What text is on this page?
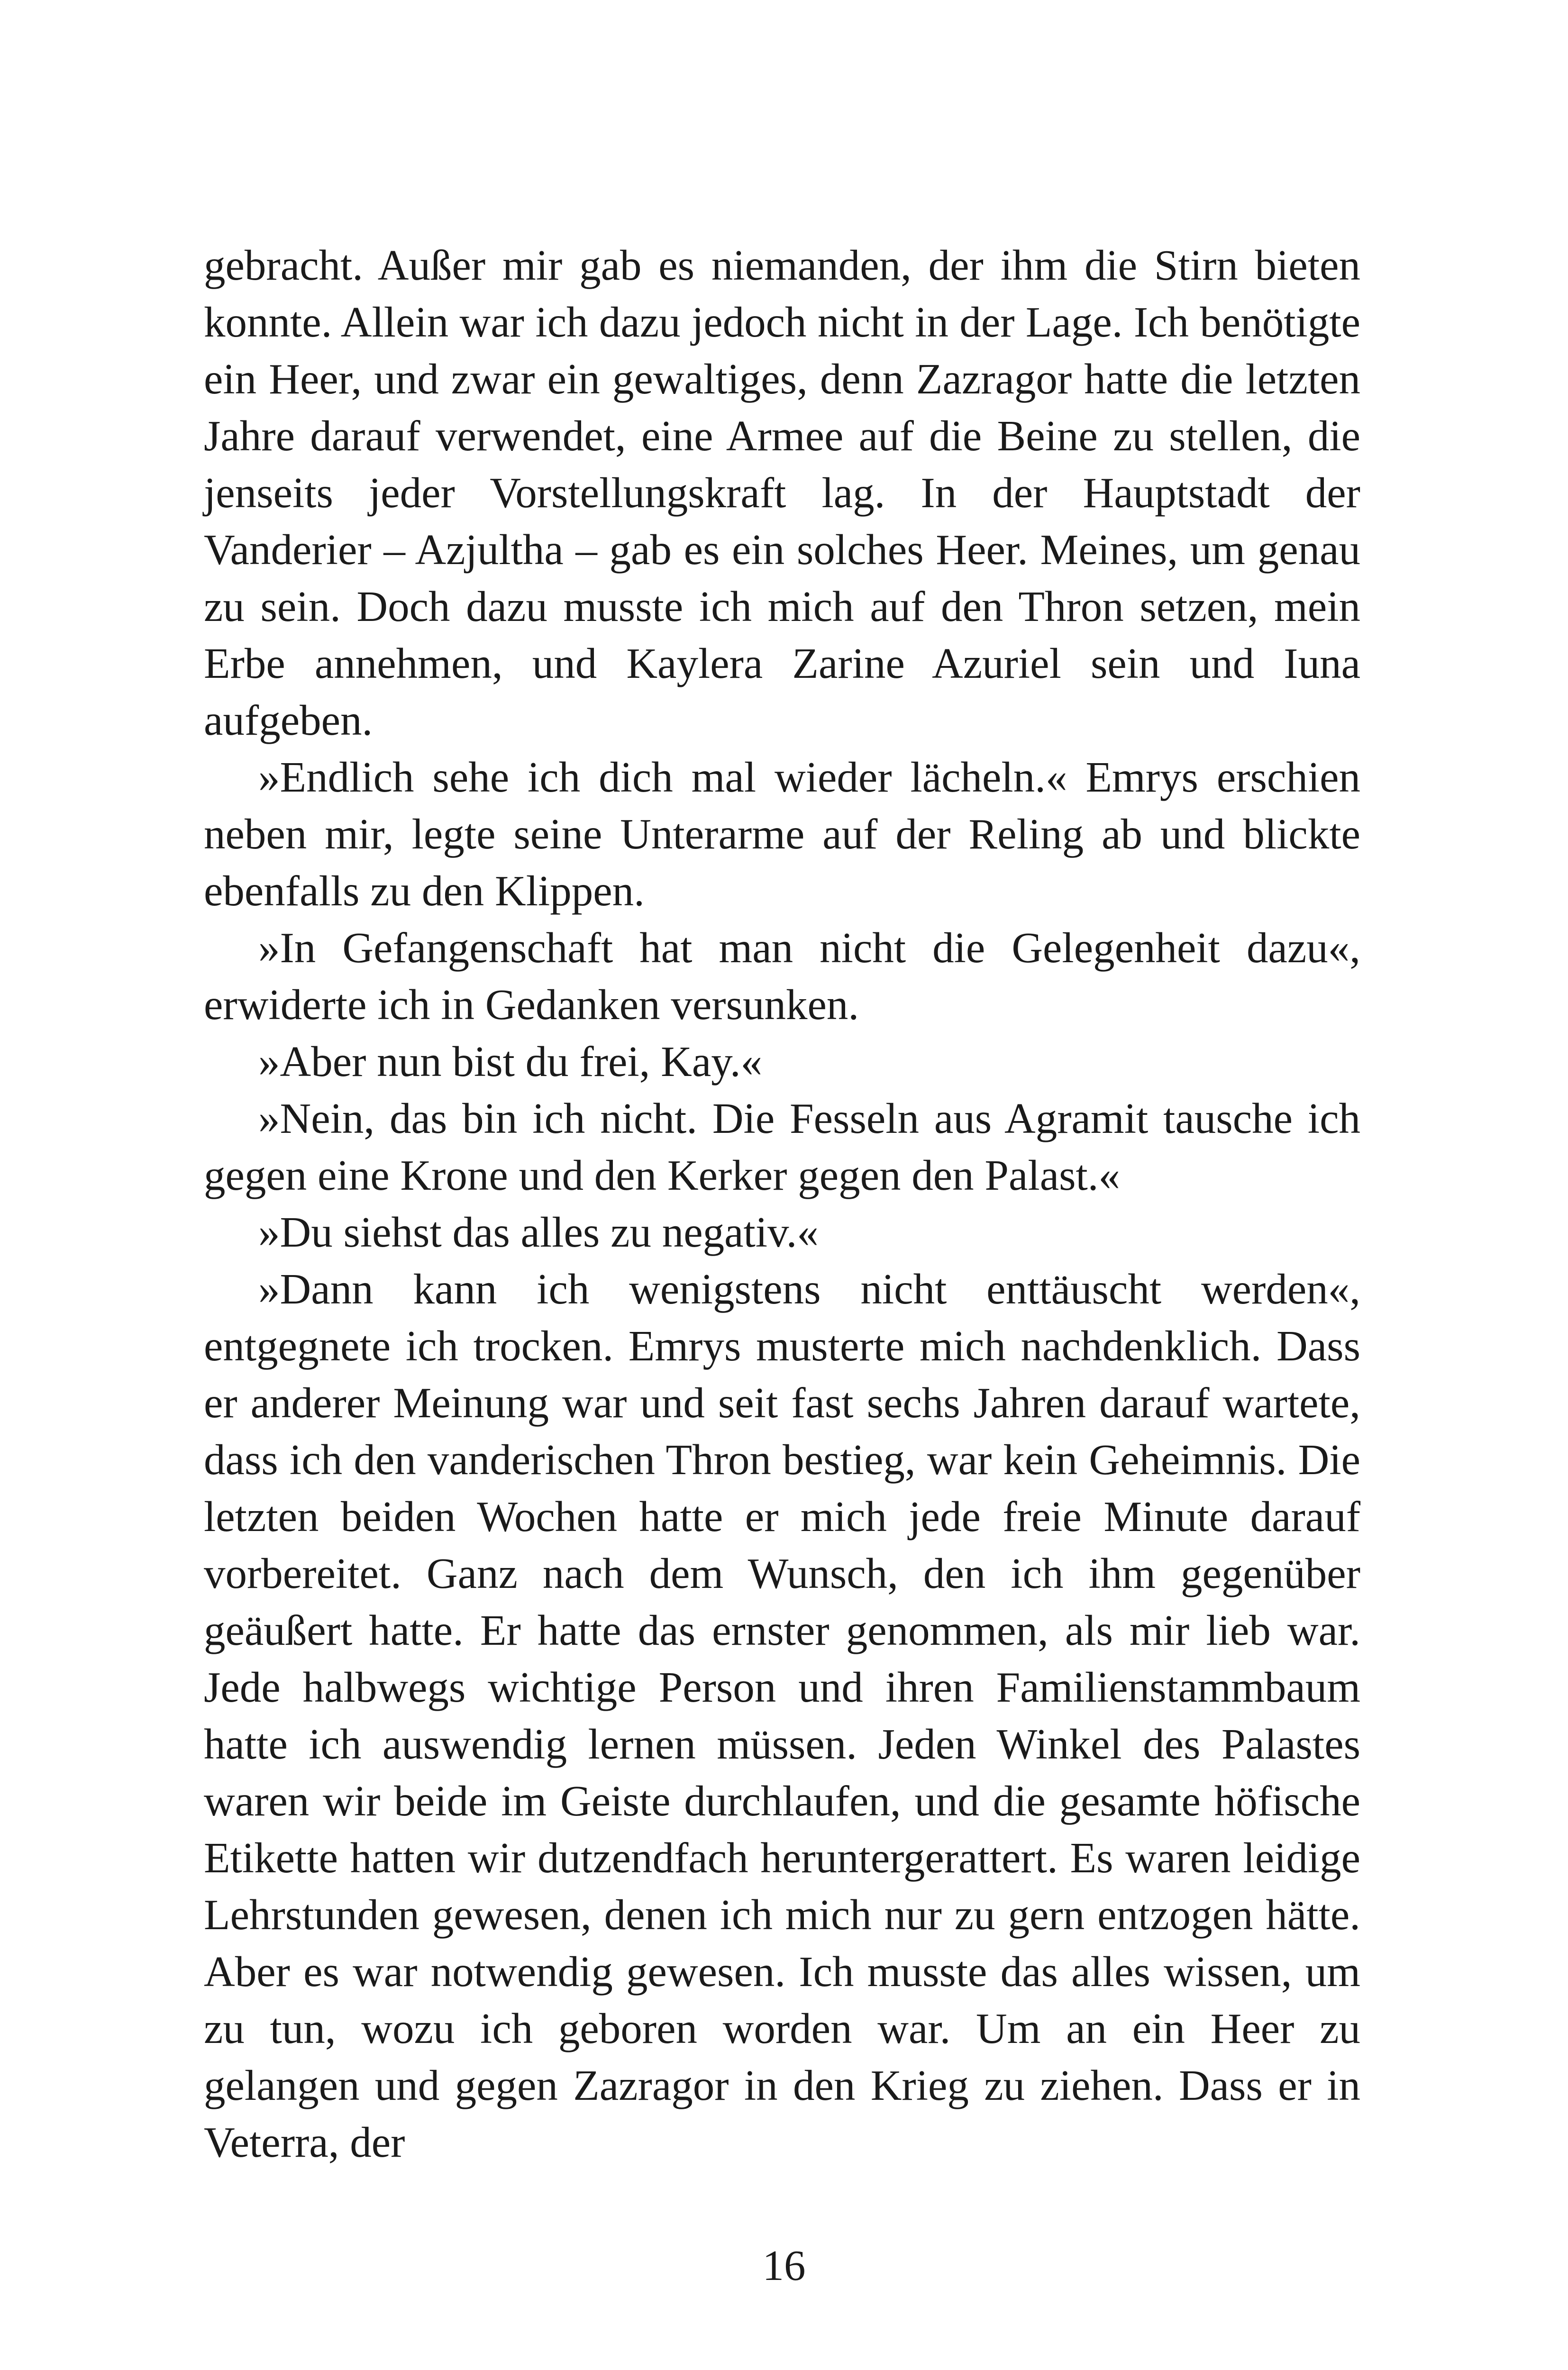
gebracht. Außer mir gab es niemanden, der ihm die Stirn bieten konnte. Allein war ich dazu jedoch nicht in der Lage. Ich benötigte ein Heer, und zwar ein gewaltiges, denn Zazragor hatte die letzten Jahre darauf verwendet, eine Armee auf die Beine zu stellen, die jenseits jeder Vorstellungskraft lag. In der Hauptstadt der Vanderier – Azjultha – gab es ein solches Heer. Meines, um genau zu sein. Doch dazu musste ich mich auf den Thron setzen, mein Erbe annehmen, und Kaylera Zarine Azuriel sein und Iuna aufgeben.

»Endlich sehe ich dich mal wieder lächeln.« Emrys erschien neben mir, legte seine Unterarme auf der Reling ab und blickte ebenfalls zu den Klippen.

»In Gefangenschaft hat man nicht die Gelegenheit dazu«, erwiderte ich in Gedanken versunken.

»Aber nun bist du frei, Kay.«

»Nein, das bin ich nicht. Die Fesseln aus Agramit tausche ich gegen eine Krone und den Kerker gegen den Palast.«

»Du siehst das alles zu negativ.«

»Dann kann ich wenigstens nicht enttäuscht werden«, entgegnete ich trocken. Emrys musterte mich nachdenklich. Dass er anderer Meinung war und seit fast sechs Jahren darauf wartete, dass ich den vanderischen Thron bestieg, war kein Geheimnis. Die letzten beiden Wochen hatte er mich jede freie Minute darauf vorbereitet. Ganz nach dem Wunsch, den ich ihm gegenüber geäußert hatte. Er hatte das ernster genommen, als mir lieb war. Jede halbwegs wichtige Person und ihren Familienstammbaum hatte ich auswendig lernen müssen. Jeden Winkel des Palastes waren wir beide im Geiste durchlaufen, und die gesamte höfische Etikette hatten wir dutzendfach heruntergerattert. Es waren leidige Lehrstunden gewesen, denen ich mich nur zu gern entzogen hätte. Aber es war notwendig gewesen. Ich musste das alles wissen, um zu tun, wozu ich geboren worden war. Um an ein Heer zu gelangen und gegen Zazragor in den Krieg zu ziehen. Dass er in Veterra, der

16
